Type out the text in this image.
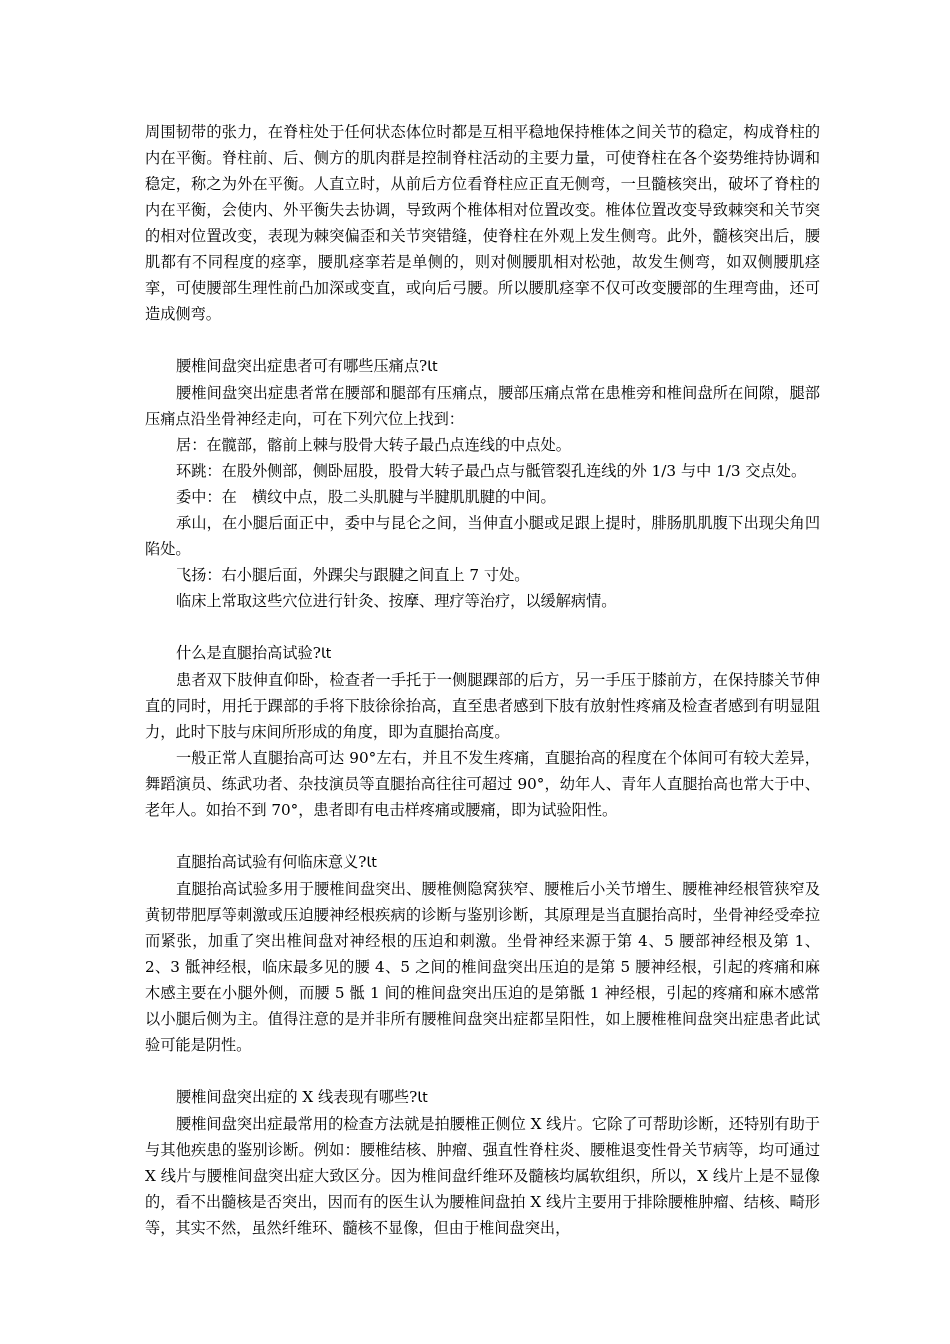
周围韧带的张力，在脊柱处于任何状态体位时都是互相平稳地保持椎体之间关节的稳定，构成脊柱的内在平衡。脊柱前、后、侧方的肌肉群是控制脊柱活动的主要力量，可使脊柱在各个姿势维持协调和稳定，称之为外在平衡。人直立时，从前后方位看脊柱应正直无侧弯，一旦髓核突出，破坏了脊柱的内在平衡，会使内、外平衡失去协调，导致两个椎体相对位置改变。椎体位置改变导致棘突和关节突的相对位置改变，表现为棘突偏歪和关节突错缝，使脊柱在外观上发生侧弯。此外，髓核突出后，腰肌都有不同程度的痉挛，腰肌痉挛若是单侧的，则对侧腰肌相对松弛，故发生侧弯，如双侧腰肌痉挛，可使腰部生理性前凸加深或变直，或向后弓腰。所以腰肌痉挛不仅可改变腰部的生理弯曲，还可造成侧弯。

腰椎间盘突出症患者可有哪些压痛点?Ɩt

腰椎间盘突出症患者常在腰部和腿部有压痛点，腰部压痛点常在患椎旁和椎间盘所在间隙，腿部压痛点沿坐骨神经走向，可在下列穴位上找到：

居：在髋部，髂前上棘与股骨大转子最凸点连线的中点处。

环跳：在股外侧部，侧卧屈股，股骨大转子最凸点与骶管裂孔连线的外 1/3 与中 1/3 交点处。

委中：在　横纹中点，股二头肌腱与半腱肌肌腱的中间。

承山，在小腿后面正中，委中与昆仑之间，当伸直小腿或足跟上提时，腓肠肌肌腹下出现尖角凹陷处。

飞扬：右小腿后面，外踝尖与跟腱之间直上 7 寸处。

临床上常取这些穴位进行针灸、按摩、理疗等治疗，以缓解病情。

什么是直腿抬高试验?Ɩt

患者双下肢伸直仰卧，检查者一手托于一侧腿踝部的后方，另一手压于膝前方，在保持膝关节伸直的同时，用托于踝部的手将下肢徐徐抬高，直至患者感到下肢有放射性疼痛及检查者感到有明显阻力，此时下肢与床间所形成的角度，即为直腿抬高度。

一般正常人直腿抬高可达 90°左右，并且不发生疼痛，直腿抬高的程度在个体间可有较大差异，舞蹈演员、练武功者、杂技演员等直腿抬高往往可超过 90°，幼年人、青年人直腿抬高也常大于中、老年人。如抬不到 70°，患者即有电击样疼痛或腰痛，即为试验阳性。

直腿抬高试验有何临床意义?Ɩt

直腿抬高试验多用于腰椎间盘突出、腰椎侧隐窝狭窄、腰椎后小关节增生、腰椎神经根管狭窄及黄韧带肥厚等刺激或压迫腰神经根疾病的诊断与鉴别诊断，其原理是当直腿抬高时，坐骨神经受牵拉而紧张，加重了突出椎间盘对神经根的压迫和刺激。坐骨神经来源于第 4、5 腰部神经根及第 1、2、3 骶神经根，临床最多见的腰 4、5 之间的椎间盘突出压迫的是第 5 腰神经根，引起的疼痛和麻木感主要在小腿外侧，而腰 5 骶 1 间的椎间盘突出压迫的是第骶 1 神经根，引起的疼痛和麻木感常以小腿后侧为主。值得注意的是并非所有腰椎间盘突出症都呈阳性，如上腰椎椎间盘突出症患者此试验可能是阴性。

腰椎间盘突出症的 X 线表现有哪些?Ɩt

腰椎间盘突出症最常用的检查方法就是拍腰椎正侧位 X 线片。它除了可帮助诊断，还特别有助于与其他疾患的鉴别诊断。例如：腰椎结核、肿瘤、强直性脊柱炎、腰椎退变性骨关节病等，均可通过 X 线片与腰椎间盘突出症大致区分。因为椎间盘纤维环及髓核均属软组织，所以，X 线片上是不显像的，看不出髓核是否突出，因而有的医生认为腰椎间盘拍 X 线片主要用于排除腰椎肿瘤、结核、畸形等，其实不然，虽然纤维环、髓核不显像，但由于椎间盘突出，
